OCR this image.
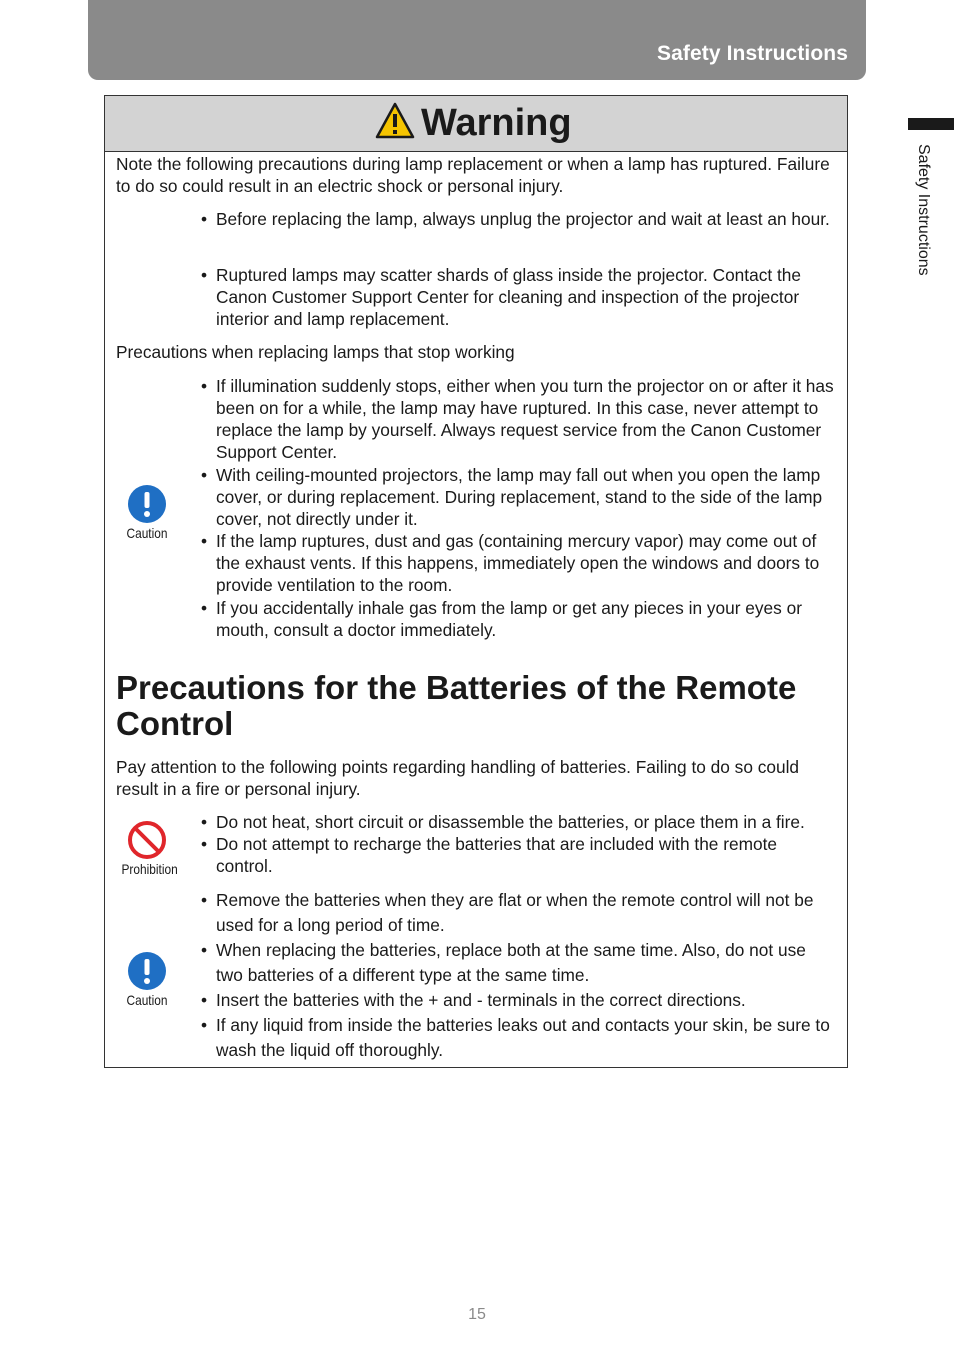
Safety Instructions
Safety Instructions
Warning

Note the following precautions during lamp replacement or when a lamp has ruptured. Failure to do so could result in an electric shock or personal injury.

• Before replacing the lamp, always unplug the projector and wait at least an hour.
• Ruptured lamps may scatter shards of glass inside the projector. Contact the Canon Customer Support Center for cleaning and inspection of the projector interior and lamp replacement.

Precautions when replacing lamps that stop working

Caution
• If illumination suddenly stops, either when you turn the projector on or after it has been on for a while, the lamp may have ruptured. In this case, never attempt to replace the lamp by yourself. Always request service from the Canon Customer Support Center.
• With ceiling-mounted projectors, the lamp may fall out when you open the lamp cover, or during replacement. During replacement, stand to the side of the lamp cover, not directly under it.
• If the lamp ruptures, dust and gas (containing mercury vapor) may come out of the exhaust vents. If this happens, immediately open the windows and doors to provide ventilation to the room.
• If you accidentally inhale gas from the lamp or get any pieces in your eyes or mouth, consult a doctor immediately.
Precautions for the Batteries of the Remote Control

Pay attention to the following points regarding handling of batteries. Failing to do so could result in a fire or personal injury.

Prohibition
• Do not heat, short circuit or disassemble the batteries, or place them in a fire.
• Do not attempt to recharge the batteries that are included with the remote control.
Caution
• Remove the batteries when they are flat or when the remote control will not be used for a long period of time.
• When replacing the batteries, replace both at the same time. Also, do not use two batteries of a different type at the same time.
• Insert the batteries with the + and - terminals in the correct directions.
• If any liquid from inside the batteries leaks out and contacts your skin, be sure to wash the liquid off thoroughly.
15
